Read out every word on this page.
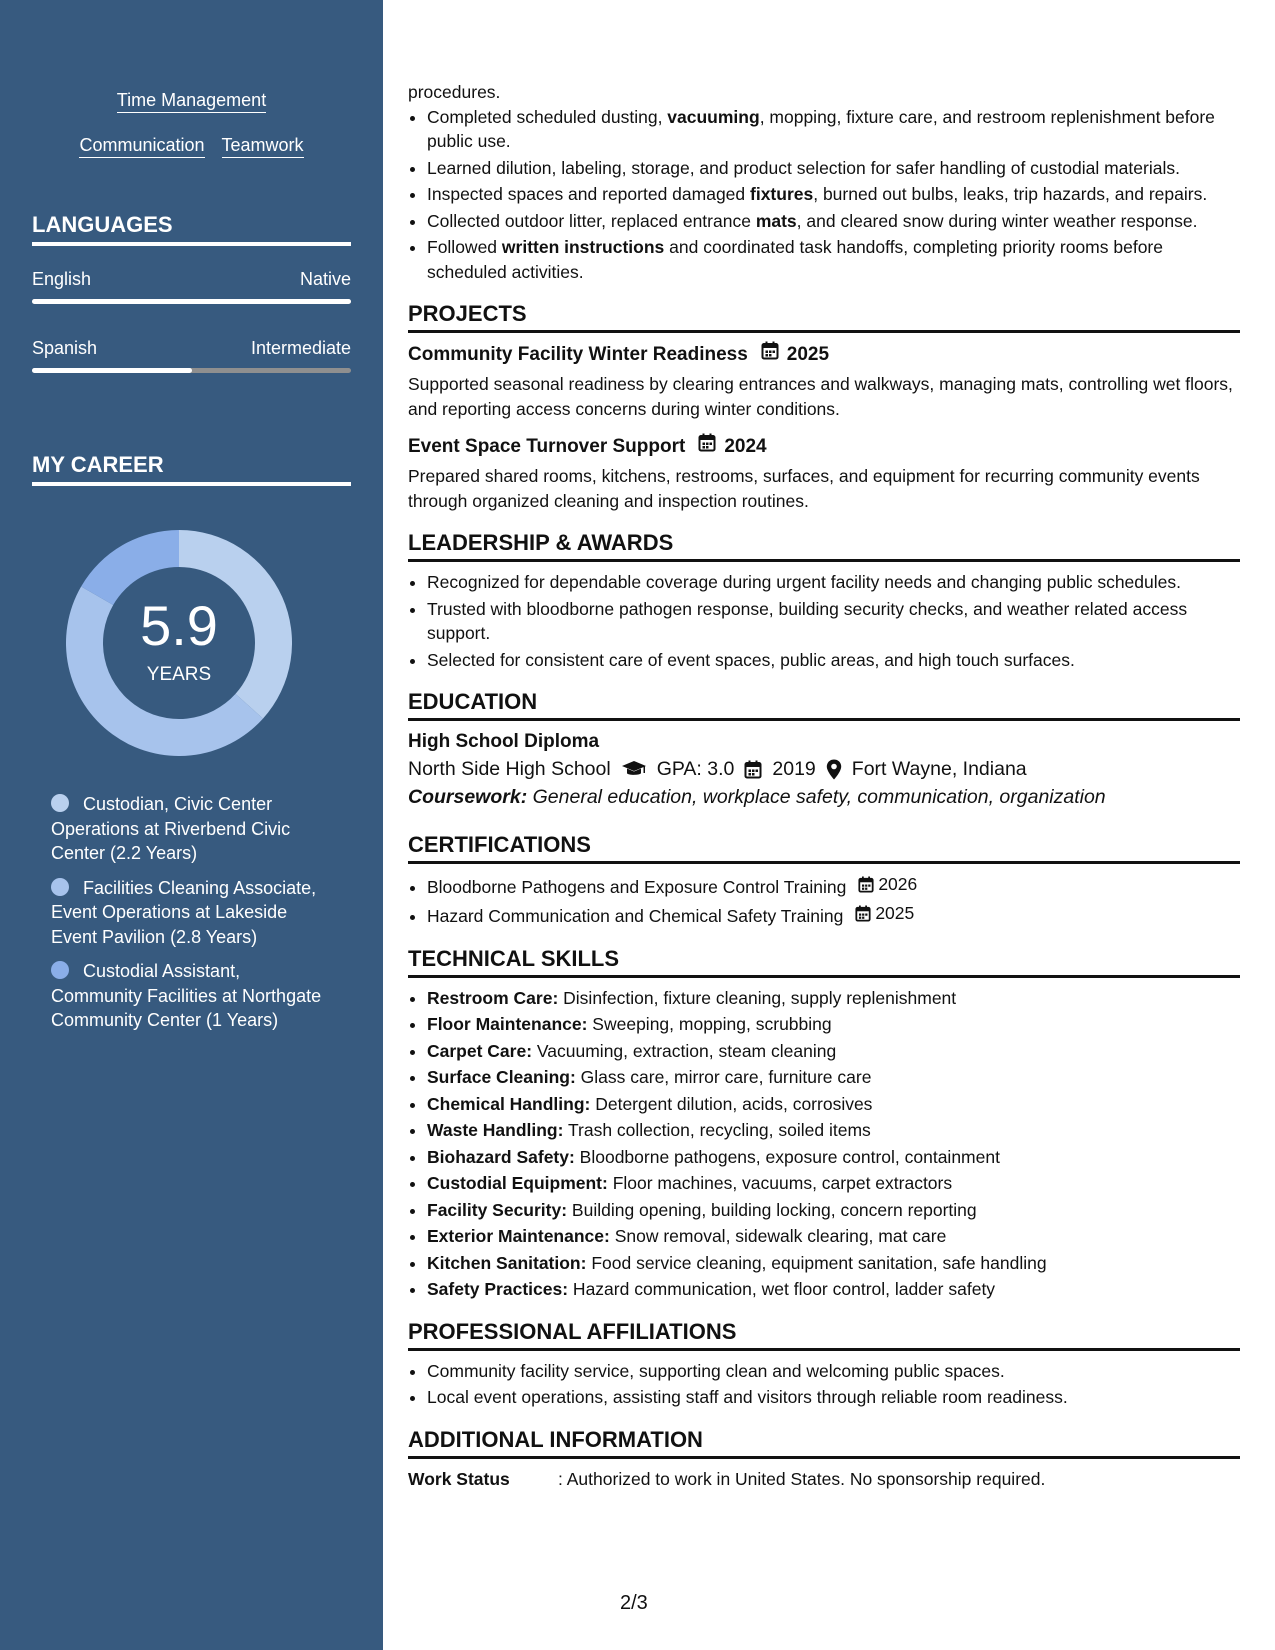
Time Management
Communication Teamwork
LANGUAGES
English	Native
Spanish	Intermediate
MY CAREER
5.9
YEARS
Custodian, Civic Center Operations at Riverbend Civic Center (2.2 Years)
Facilities Cleaning Associate, Event Operations at Lakeside Event Pavilion (2.8 Years)
Custodial Assistant, Community Facilities at Northgate Community Center (1 Years)
procedures.
• Completed scheduled dusting, vacuuming, mopping, fixture care, and restroom replenishment before public use.
• Learned dilution, labeling, storage, and product selection for safer handling of custodial materials.
• Inspected spaces and reported damaged fixtures, burned out bulbs, leaks, trip hazards, and repairs.
• Collected outdoor litter, replaced entrance mats, and cleared snow during winter weather response.
• Followed written instructions and coordinated task handoffs, completing priority rooms before scheduled activities.
PROJECTS
Community Facility Winter Readiness 2025
Supported seasonal readiness by clearing entrances and walkways, managing mats, controlling wet floors, and reporting access concerns during winter conditions.
Event Space Turnover Support 2024
Prepared shared rooms, kitchens, restrooms, surfaces, and equipment for recurring community events through organized cleaning and inspection routines.
LEADERSHIP & AWARDS
• Recognized for dependable coverage during urgent facility needs and changing public schedules.
• Trusted with bloodborne pathogen response, building security checks, and weather related access support.
• Selected for consistent care of event spaces, public areas, and high touch surfaces.
EDUCATION
High School Diploma
North Side High School GPA: 3.0 2019 Fort Wayne, Indiana
Coursework: General education, workplace safety, communication, organization
CERTIFICATIONS
• Bloodborne Pathogens and Exposure Control Training 2026
• Hazard Communication and Chemical Safety Training 2025
TECHNICAL SKILLS
• Restroom Care: Disinfection, fixture cleaning, supply replenishment
• Floor Maintenance: Sweeping, mopping, scrubbing
• Carpet Care: Vacuuming, extraction, steam cleaning
• Surface Cleaning: Glass care, mirror care, furniture care
• Chemical Handling: Detergent dilution, acids, corrosives
• Waste Handling: Trash collection, recycling, soiled items
• Biohazard Safety: Bloodborne pathogens, exposure control, containment
• Custodial Equipment: Floor machines, vacuums, carpet extractors
• Facility Security: Building opening, building locking, concern reporting
• Exterior Maintenance: Snow removal, sidewalk clearing, mat care
• Kitchen Sanitation: Food service cleaning, equipment sanitation, safe handling
• Safety Practices: Hazard communication, wet floor control, ladder safety
PROFESSIONAL AFFILIATIONS
• Community facility service, supporting clean and welcoming public spaces.
• Local event operations, assisting staff and visitors through reliable room readiness.
ADDITIONAL INFORMATION
Work Status	: Authorized to work in United States. No sponsorship required.
2/3
